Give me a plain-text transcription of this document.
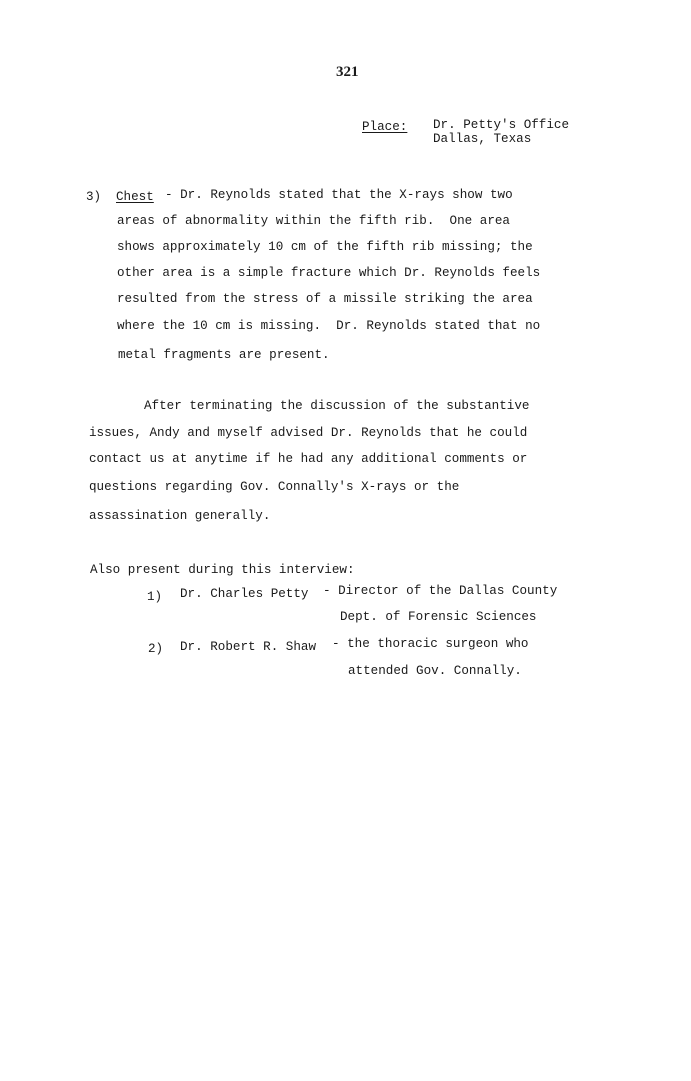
321
Place: Dr. Petty's Office
Dallas, Texas
3) Chest - Dr. Reynolds stated that the X-rays show two
areas of abnormality within the fifth rib.  One area
shows approximately 10 cm of the fifth rib missing; the
other area is a simple fracture which Dr. Reynolds feels
resulted from the stress of a missile striking the area
where the 10 cm is missing.  Dr. Reynolds stated that no
metal fragments are present.
After terminating the discussion of the substantive
issues, Andy and myself advised Dr. Reynolds that he could
contact us at anytime if he had any additional comments or
questions regarding Gov. Connally's X-rays or the
assassination generally.
Also present during this interview:
1) Dr. Charles Petty - Director of the Dallas County
Dept. of Forensic Sciences
2) Dr. Robert R. Shaw - the thoracic surgeon who
attended Gov. Connally.
